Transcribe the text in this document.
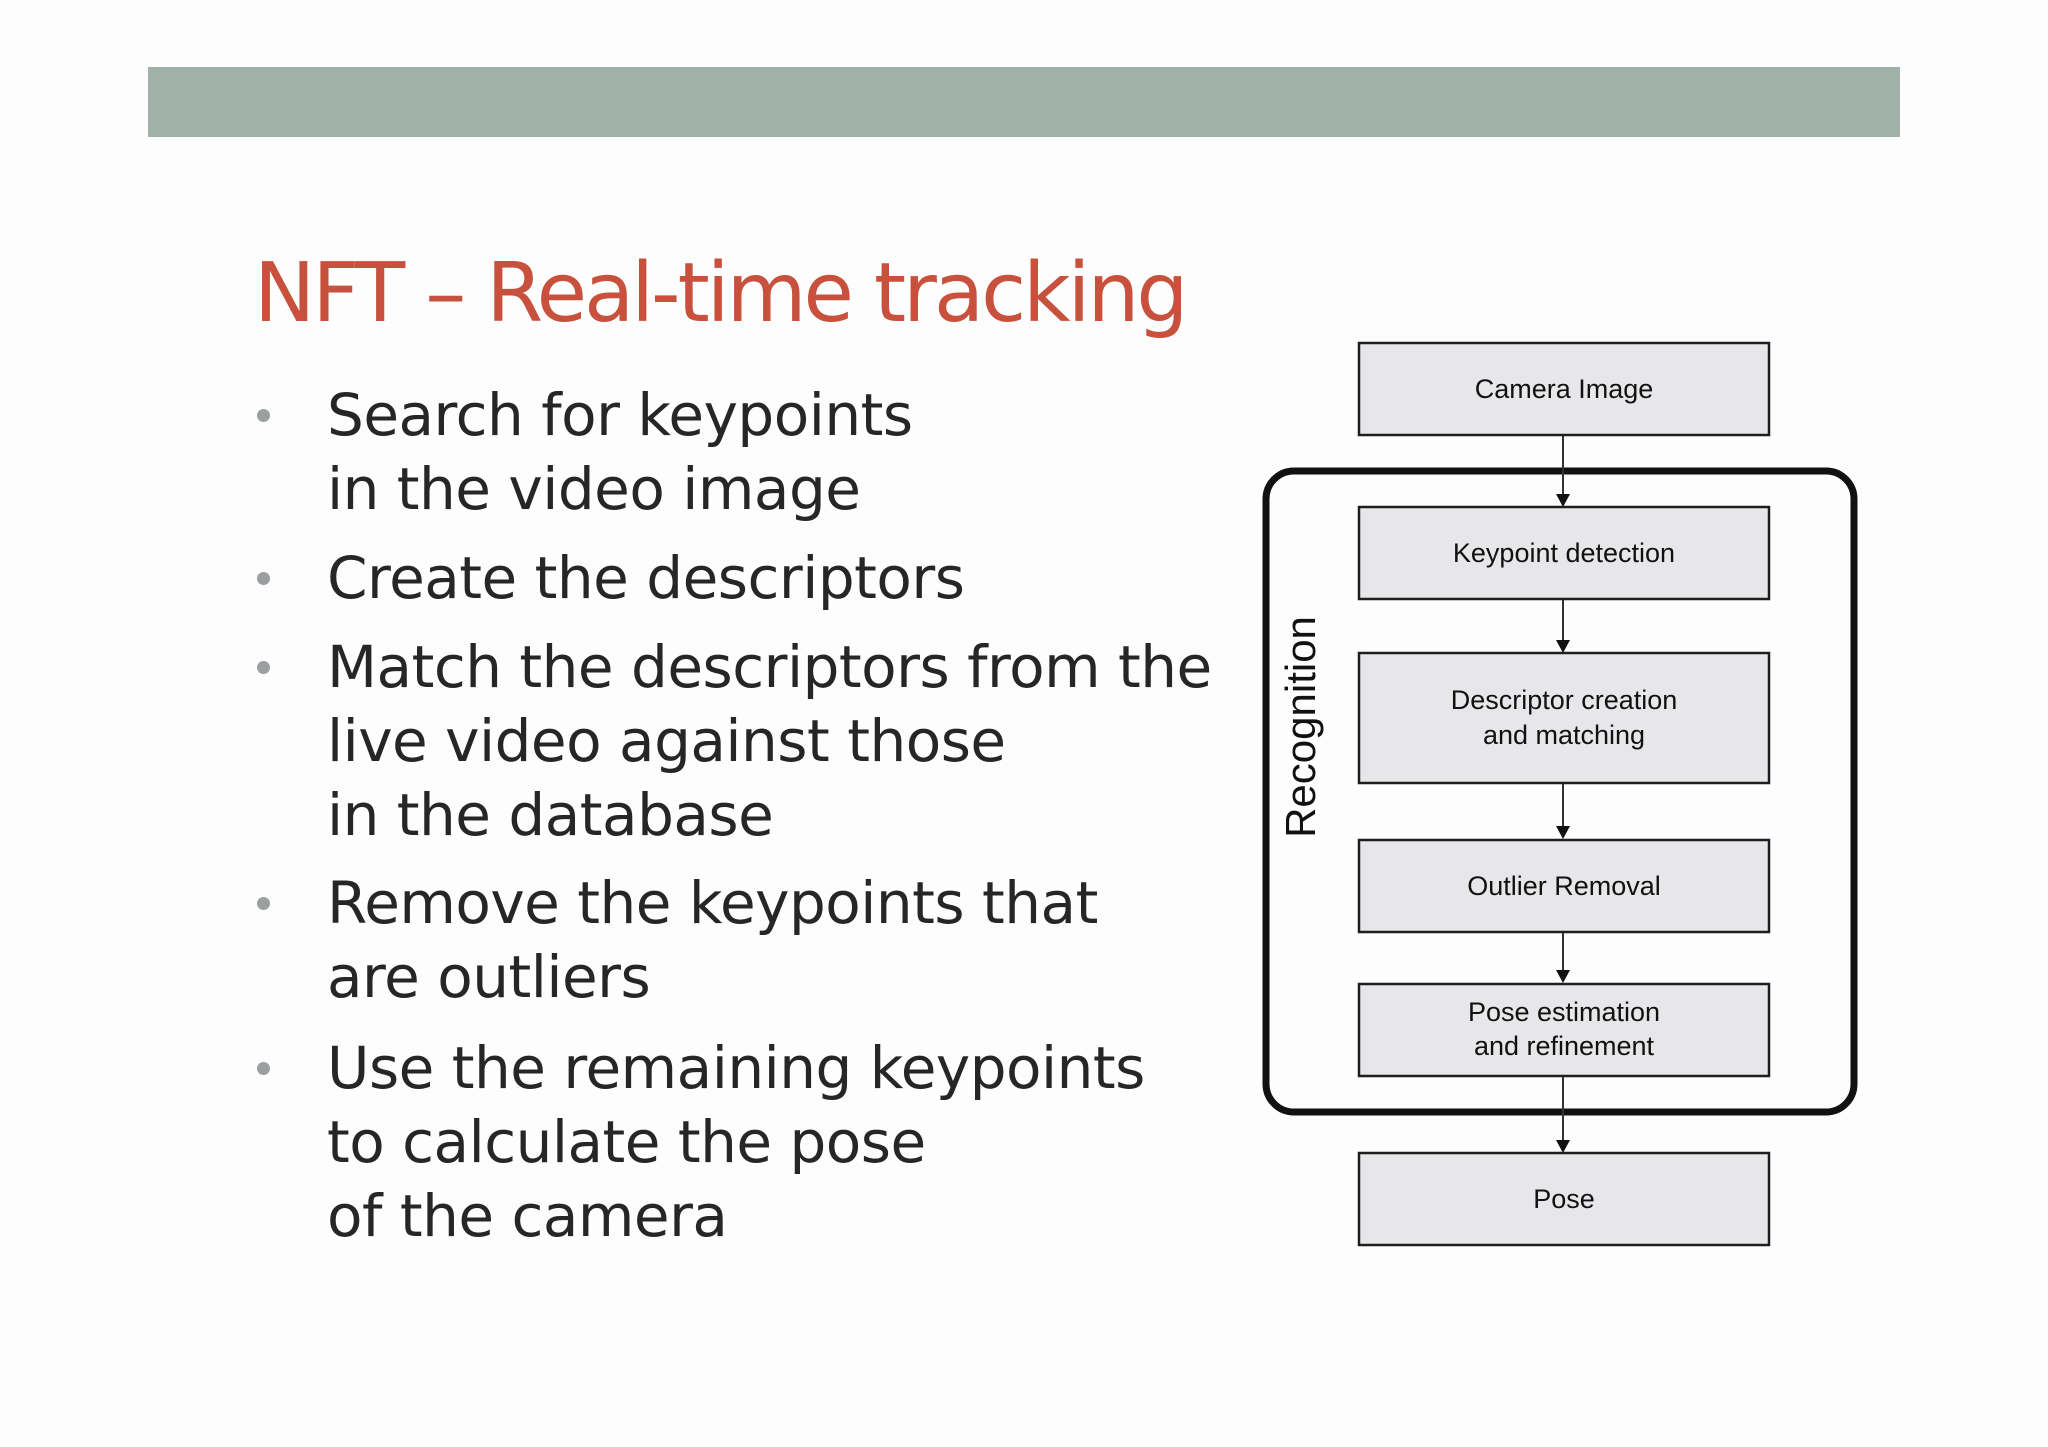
NFT – Real-time tracking
Search for keypoints
in the video image
Create the descriptors
Match the descriptors from the
live video against those
in the database
Remove the keypoints that
are outliers
Use the remaining keypoints
to calculate the pose
of the camera
Recognition
Camera Image
Keypoint detection
Descriptor creation
and matching
Outlier Removal
Pose estimation
and refinement
Pose
